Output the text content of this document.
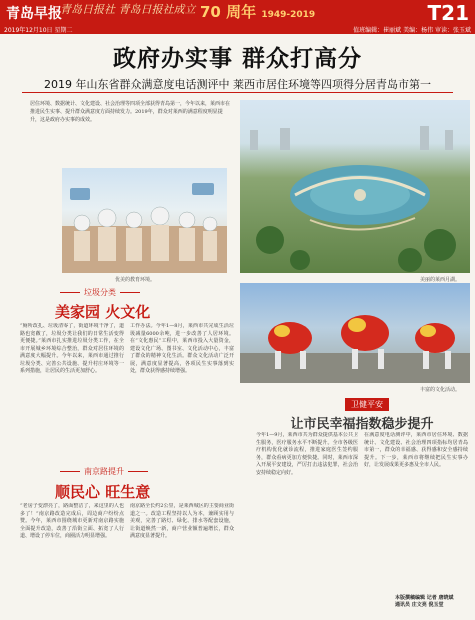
青岛早报
青岛日报社 青岛日报社成立 70 周年 1949-2019	T21
2019年12月10日 星期二	值班编辑：崔丽斌 美编：杨伟 审读：张玉斌
政府办实事 群众打高分
2019 年山东省群众满意度电话测评中 莱西市居住环境等四项得分居青岛市第一
居住环境、数据统计、文化建设、社会治理等四项全部获得青岛第一，今年以来，莱西市在推进民生实事、提升群众满意度方面持续发力。2019年，群众对莱西的满意程度明显提升，这是政府办实事的成效。
优美的教育环境。	美丽的莱西月湖。
垃圾分类
美家园 火文化
“厕所改扎、垃圾清零了，街道环境干净了，道路也宽敞了，垃圾分类让我们的日常生活变得更便捷。”莱西市扎实推进垃圾分类工作，在全市开展城乡环境综合整治，群众对居住环境的满意度大幅提升。今年以来，莱西市通过推行垃圾分类、完善公共设施、提升村庄环境等一系列措施，让居民的生活更加舒心。
工作办法。今年1—8月，莱西市共完成生活垃圾减量6000余吨，进一步改善了人居环境。在“文化惠民”工程中，莱西市投入大量资金，建设文化广场、图书室、文化活动中心，丰富了群众的精神文化生活。群众文化活动广泛开展，满意度显著提高，各项民生实事落到实处，群众获得感持续增强。
丰富的文化活动。
南京路提升
顺民心 旺生意
“老房子变漂亮了，路面整洁了，来这里的人也多了！”南京路改造完成后，周边商户纷纷点赞。今年，莱西市围绕城市更新对南京路实施全面提升改造，改善了沿街立面、拓宽了人行道、增设了停车位，商圈活力明显增强。
南京路全长约2公里，是莱西城区的主要商业街道之一。改造工程坚持以人为本，兼顾实用与美观，完善了路灯、绿化、排水等配套设施，让街道焕然一新，商户营业额普遍增长，群众满意度显著提升。
卫健平安
让市民幸福指数稳步提升
今年1—9月，莱西市共为群众提供基本公共卫生服务，医疗服务水平不断提升。全市各级医疗机构优化就诊流程，推进家庭医生签约服务，群众看病更加方便快捷。同时，莱西市深入开展平安建设，严厉打击违法犯罪，社会治安持续稳定向好。
在满意度电话测评中，莱西市居住环境、数据统计、文化建设、社会治理四项指标均居青岛市第一，群众的幸福感、获得感和安全感持续提升。下一步，莱西市将继续把民生实事办好，让发展成果更多惠及全市人民。
本版撰稿编辑 记者 唐晓斌
通讯员 庄文亮 倪玉堂
